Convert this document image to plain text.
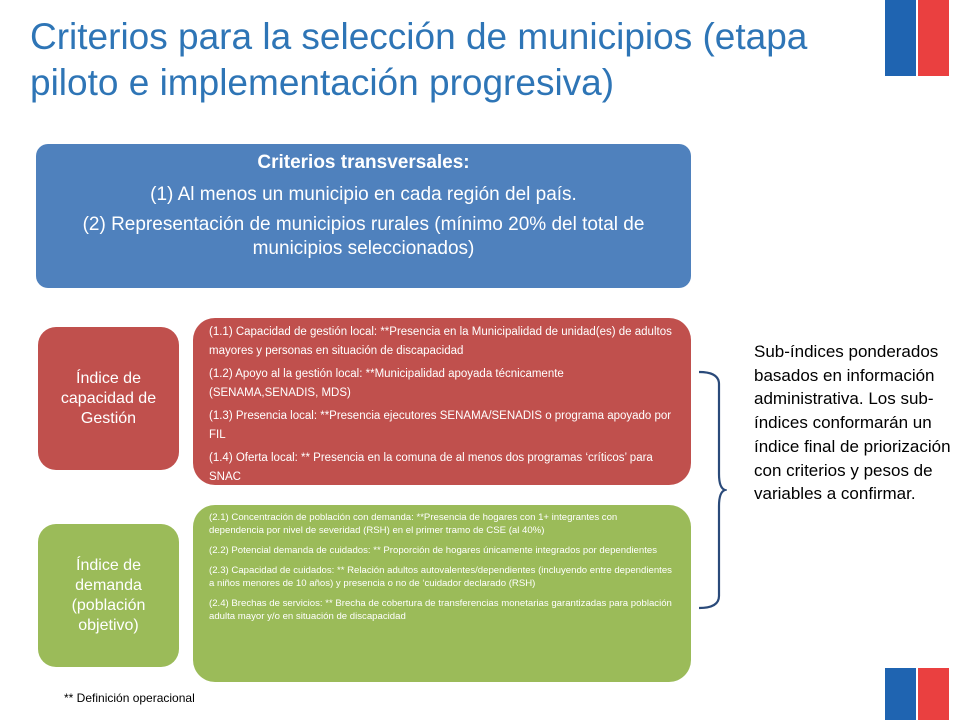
Criterios para la selección de municipios (etapa piloto e implementación progresiva)
Criterios transversales:
(1) Al menos un municipio en cada región del país.
(2) Representación de municipios rurales (mínimo 20% del total de municipios seleccionados)
Índice de capacidad de Gestión
(1.1) Capacidad de gestión local: **Presencia en la Municipalidad de unidad(es) de adultos mayores y personas en situación de discapacidad
(1.2) Apoyo al la gestión local: **Municipalidad apoyada técnicamente (SENAMA,SENADIS, MDS)
(1.3) Presencia local: **Presencia ejecutores SENAMA/SENADIS o programa apoyado por FIL
(1.4) Oferta local: ** Presencia en la comuna de al menos dos programas ‘críticos’ para SNAC
Índice de demanda (población objetivo)
(2.1) Concentración de población con demanda: **Presencia de hogares con 1+ integrantes con dependencia por nivel de severidad (RSH) en el primer tramo de CSE (al 40%)
(2.2) Potencial demanda de cuidados: ** Proporción de hogares únicamente integrados por dependientes
(2.3) Capacidad de cuidados: ** Relación adultos autovalentes/dependientes (incluyendo entre dependientes a niños menores de 10 años) y presencia o no de ‘cuidador declarado (RSH)
(2.4) Brechas de servicios: ** Brecha de cobertura de transferencias monetarias garantizadas para población adulta mayor y/o en situación de discapacidad
Sub-índices ponderados basados en información administrativa. Los sub-índices conformarán un índice final de priorización con criterios y pesos de variables a confirmar.
** Definición operacional
